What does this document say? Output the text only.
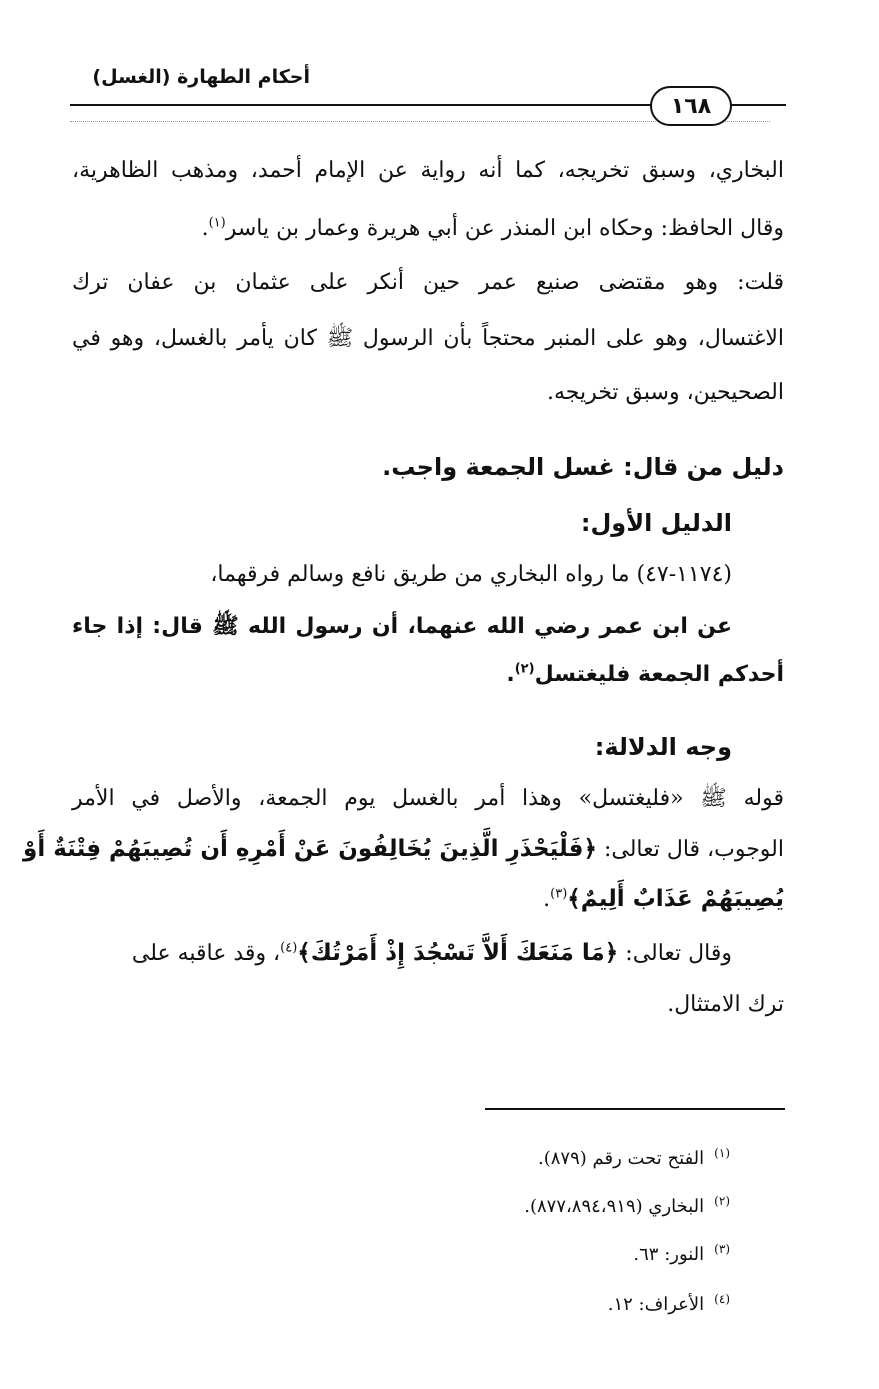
أحكام الطهارة (الغسل)
١٦٨
البخاري، وسبق تخريجه، كما أنه رواية عن الإمام أحمد، ومذهب الظاهرية،
وقال الحافظ: وحكاه ابن المنذر عن أبي هريرة وعمار بن ياسر$^{(١)}$.
قلت: وهو مقتضى صنيع عمر حين أنكر على عثمان بن عفان ترك
الاغتسال، وهو على المنبر محتجاً بأن الرسول ﷺ كان يأمر بالغسل، وهو في
الصحيحين، وسبق تخريجه.
دليل من قال: غسل الجمعة واجب.
الدليل الأول:
(١١٧٤-٤٧) ما رواه البخاري من طريق نافع وسالم فرقهما،
عن ابن عمر رضي الله عنهما، أن رسول الله ﷺ قال: إذا جاء
أحدكم الجمعة فليغتسل$^{(٢)}$.
وجه الدلالة:
قوله ﷺ «فليغتسل» وهذا أمر بالغسل يوم الجمعة، والأصل في الأمر
الوجوب، قال تعالى: ﴿فَلْيَحْذَرِ الَّذِينَ يُخَالِفُونَ عَنْ أَمْرِهِ أَن تُصِيبَهُمْ فِتْنَةٌ أَوْ
يُصِيبَهُمْ عَذَابٌ أَلِيمٌ﴾$^{(٣)}$.
وقال تعالى: ﴿مَا مَنَعَكَ أَلاَّ تَسْجُدَ إِذْ أَمَرْتُكَ﴾$^{(٤)}$، وقد عاقبه على
ترك الامتثال.
$^{(١)}$الفتح تحت رقم (٨٧٩).
$^{(٢)}$البخاري (٨٧٧،٨٩٤،٩١٩).
$^{(٣)}$النور: ٦٣.
$^{(٤)}$الأعراف: ١٢.
